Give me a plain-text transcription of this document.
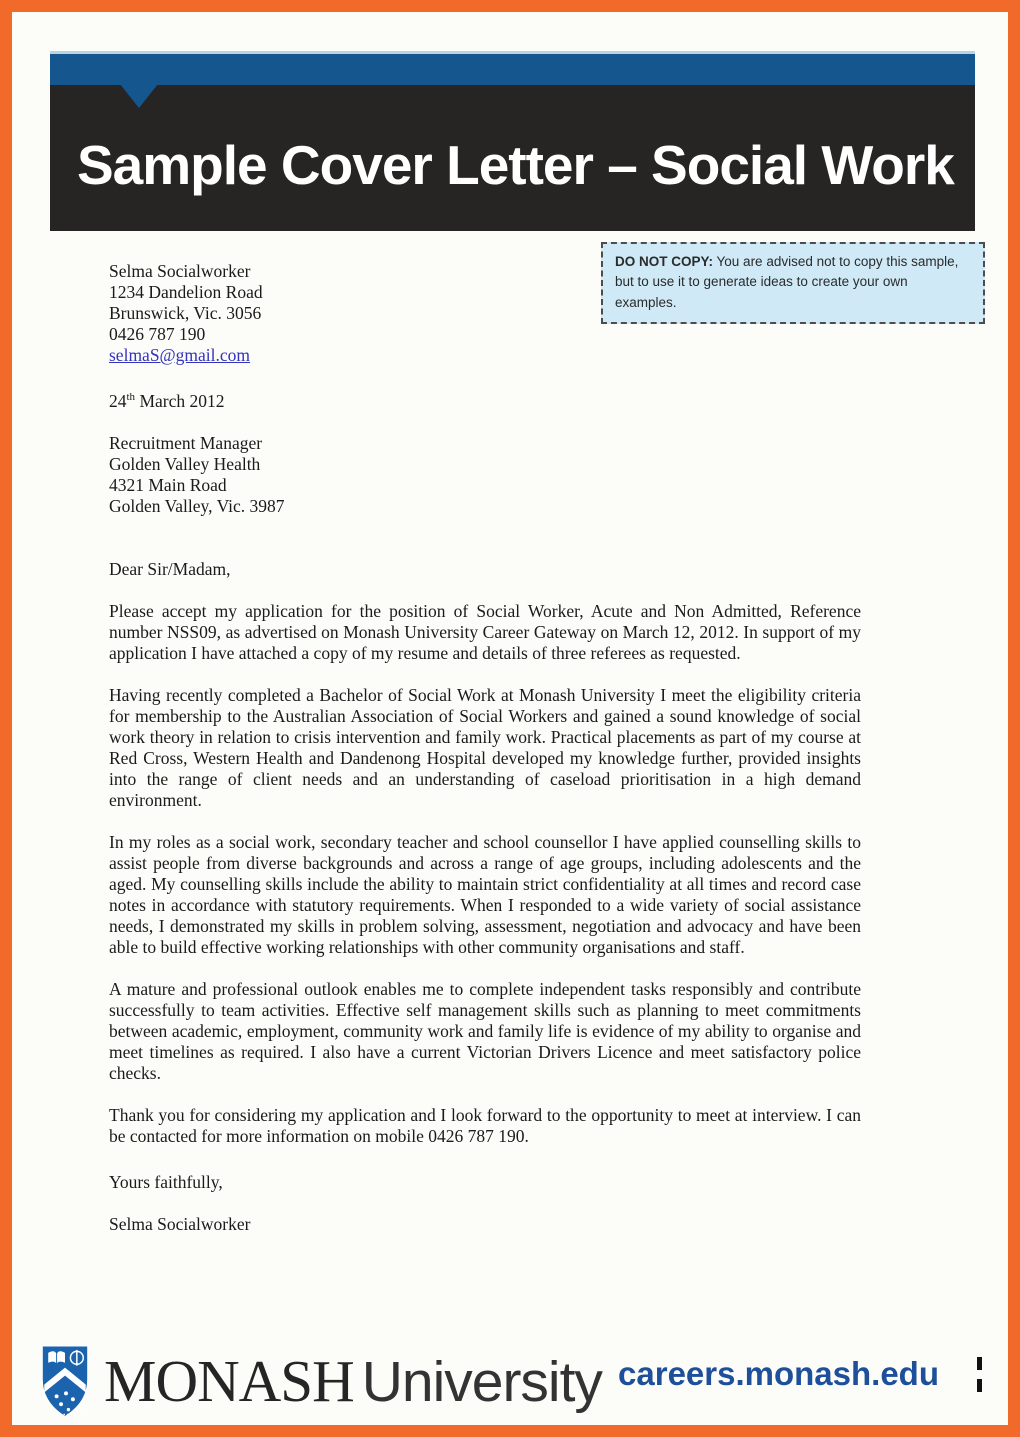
Sample Cover Letter – Social Work
DO NOT COPY: You are advised not to copy this sample, but to use it to generate ideas to create your own examples.
Selma Socialworker
1234 Dandelion Road
Brunswick, Vic. 3056
0426 787 190
selmaS@gmail.com
24th March 2012
Recruitment Manager
Golden Valley Health
4321 Main Road
Golden Valley, Vic. 3987
Dear Sir/Madam,

Please accept my application for the position of Social Worker, Acute and Non Admitted, Reference number NSS09, as advertised on Monash University Career Gateway on March 12, 2012. In support of my application I have attached a copy of my resume and details of three referees as requested.

Having recently completed a Bachelor of Social Work at Monash University I meet the eligibility criteria for membership to the Australian Association of Social Workers and gained a sound knowledge of social work theory in relation to crisis intervention and family work. Practical placements as part of my course at Red Cross, Western Health and Dandenong Hospital developed my knowledge further, provided insights into the range of client needs and an understanding of caseload prioritisation in a high demand environment.

In my roles as a social work, secondary teacher and school counsellor I have applied counselling skills to assist people from diverse backgrounds and across a range of age groups, including adolescents and the aged. My counselling skills include the ability to maintain strict confidentiality at all times and record case notes in accordance with statutory requirements. When I responded to a wide variety of social assistance needs, I demonstrated my skills in problem solving, assessment, negotiation and advocacy and have been able to build effective working relationships with other community organisations and staff.

A mature and professional outlook enables me to complete independent tasks responsibly and contribute successfully to team activities. Effective self management skills such as planning to meet commitments between academic, employment, community work and family life is evidence of my ability to organise and meet timelines as required. I also have a current Victorian Drivers Licence and meet satisfactory police checks.

Thank you for considering my application and I look forward to the opportunity to meet at interview. I can be contacted for more information on mobile 0426 787 190.

Yours faithfully,
Selma Socialworker
MONASH University careers.monash.edu
